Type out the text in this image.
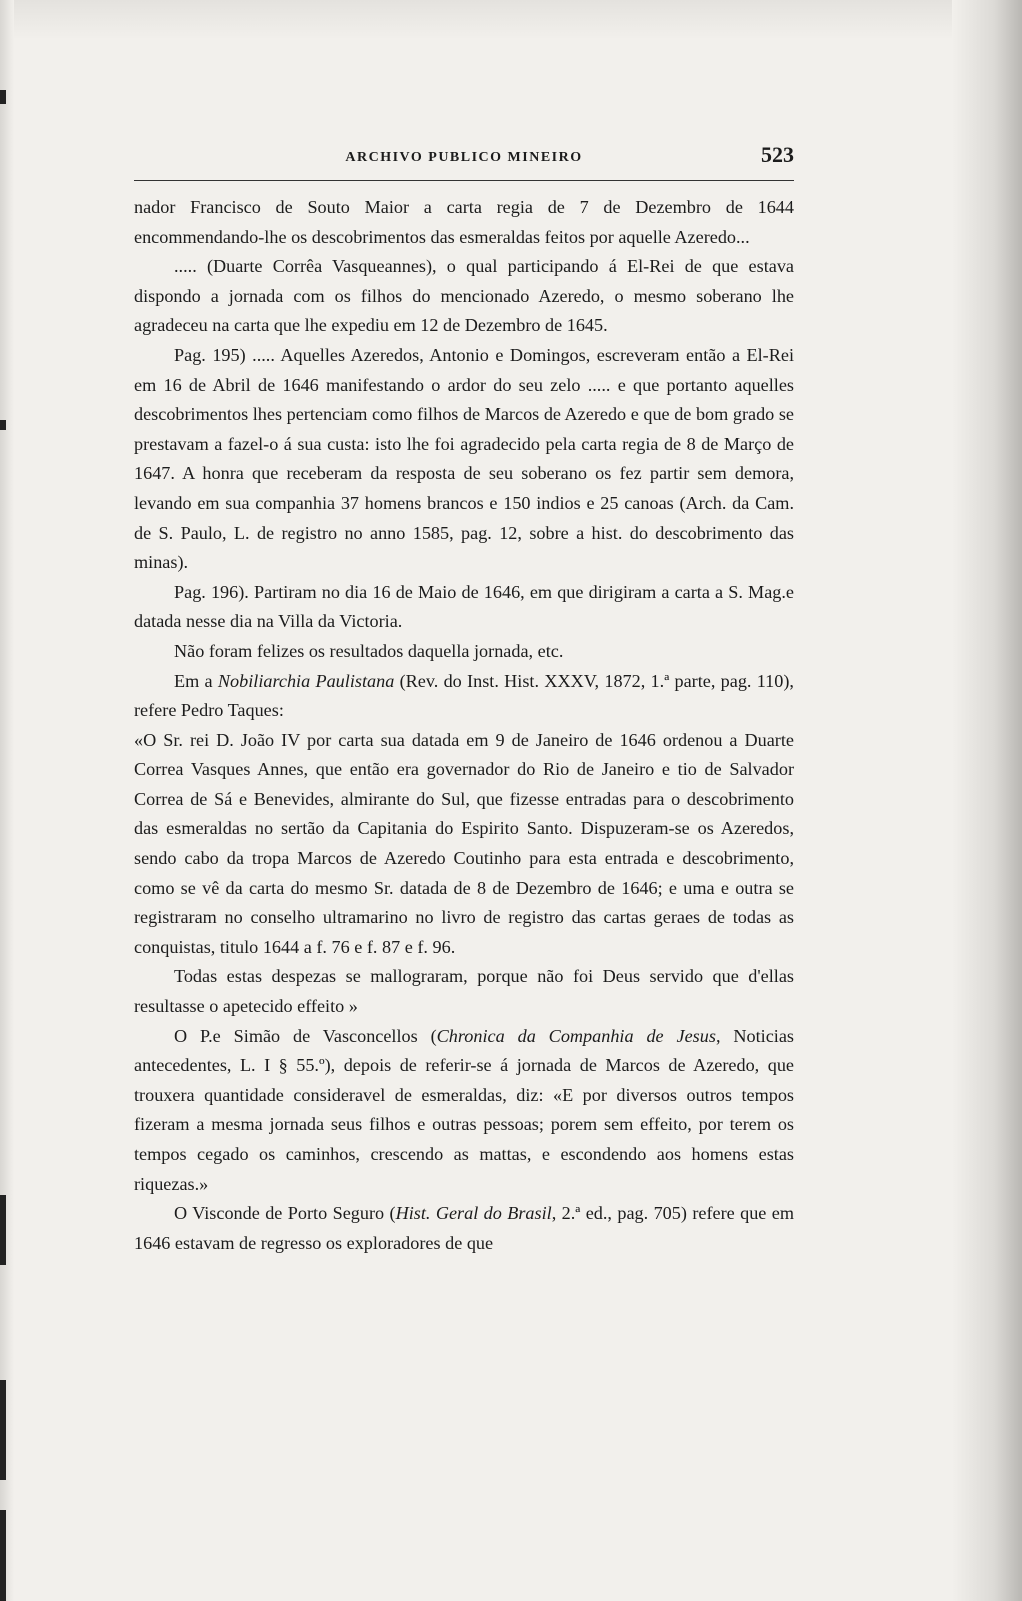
ARCHIVO PUBLICO MINEIRO	523

nador Francisco de Souto Maior a carta regia de 7 de Dezembro de 1644 encommendando-lhe os descobrimentos das esmeraldas feitos por aquelle Azeredo...

..... (Duarte Corrêa Vasqueannes), o qual participando á El-Rei de que estava dispondo a jornada com os filhos do mencionado Azeredo, o mesmo soberano lhe agradeceu na carta que lhe expediu em 12 de Dezembro de 1645.

Pag. 195) ..... Aquelles Azeredos, Antonio e Domingos, escreveram então a El-Rei em 16 de Abril de 1646 manifestando o ardor do seu zelo ..... e que portanto aquelles descobrimentos lhes pertenciam como filhos de Marcos de Azeredo e que de bom grado se prestavam a fazel-o á sua custa: isto lhe foi agradecido pela carta regia de 8 de Março de 1647. A honra que receberam da resposta de seu soberano os fez partir sem demora, levando em sua companhia 37 homens brancos e 150 indios e 25 canoas (Arch. da Cam. de S. Paulo, L. de registro no anno 1585, pag. 12, sobre a hist. do descobrimento das minas).

Pag. 196). Partiram no dia 16 de Maio de 1646, em que dirigiram a carta a S. Mag.e datada nesse dia na Villa da Victoria.

Não foram felizes os resultados daquella jornada, etc.

Em a Nobiliarchia Paulistana (Rev. do Inst. Hist. XXXV, 1872, 1.ª parte, pag. 110), refere Pedro Taques:

«O Sr. rei D. João IV por carta sua datada em 9 de Janeiro de 1646 ordenou a Duarte Correa Vasques Annes, que então era governador do Rio de Janeiro e tio de Salvador Correa de Sá e Benevides, almirante do Sul, que fizesse entradas para o descobrimento das esmeraldas no sertão da Capitania do Espirito Santo. Dispuzeram-se os Azeredos, sendo cabo da tropa Marcos de Azeredo Coutinho para esta entrada e descobrimento, como se vê da carta do mesmo Sr. datada de 8 de Dezembro de 1646; e uma e outra se registraram no conselho ultramarino no livro de registro das cartas geraes de todas as conquistas, titulo 1644 a f. 76 e f. 87 e f. 96.

Todas estas despezas se mallograram, porque não foi Deus servido que d'ellas resultasse o apetecido effeito »

O P.e Simão de Vasconcellos (Chronica da Companhia de Jesus, Noticias antecedentes, L. I § 55.º), depois de referir-se á jornada de Marcos de Azeredo, que trouxera quantidade consideravel de esmeraldas, diz: «E por diversos outros tempos fizeram a mesma jornada seus filhos e outras pessoas; porem sem effeito, por terem os tempos cegado os caminhos, crescendo as mattas, e escondendo aos homens estas riquezas.»

O Visconde de Porto Seguro (Hist. Geral do Brasil, 2.ª ed., pag. 705) refere que em 1646 estavam de regresso os exploradores de que
